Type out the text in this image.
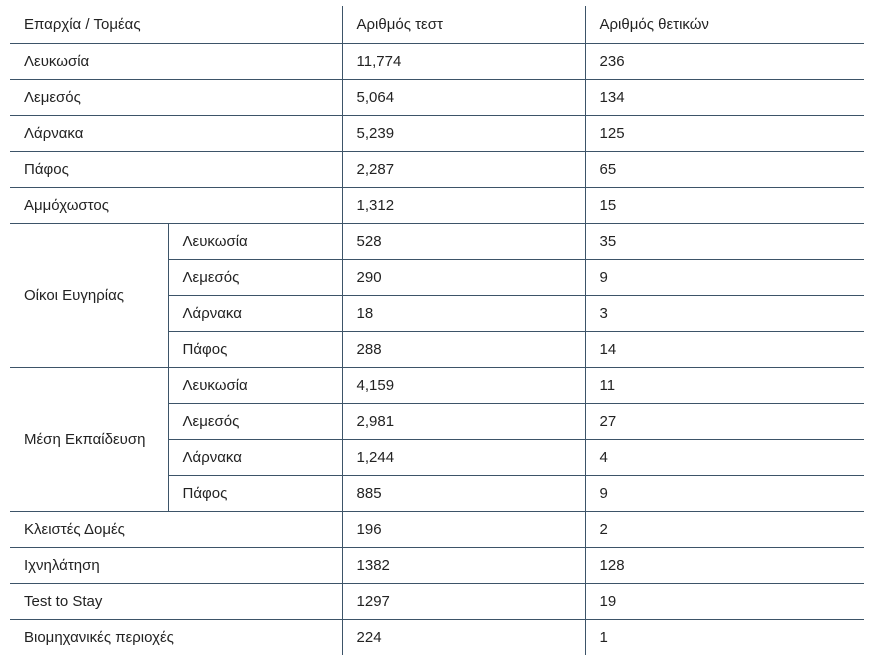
Επαρχία / Τομέας		Αριθμός τεστ	Αριθμός θετικών
Λευκωσία		11,774	236
Λεμεσός		5,064	134
Λάρνακα		5,239	125
Πάφος		2,287	65
Αμμόχωστος		1,312	15
Οίκοι Ευγηρίας	Λευκωσία	528	35
	Λεμεσός	290	9
	Λάρνακα	18	3
	Πάφος	288	14
Μέση Εκπαίδευση	Λευκωσία	4,159	11
	Λεμεσός	2,981	27
	Λάρνακα	1,244	4
	Πάφος	885	9
Κλειστές Δομές		196	2
Ιχνηλάτηση		1382	128
Test to Stay		1297	19
Βιομηχανικές περιοχές		224	1
